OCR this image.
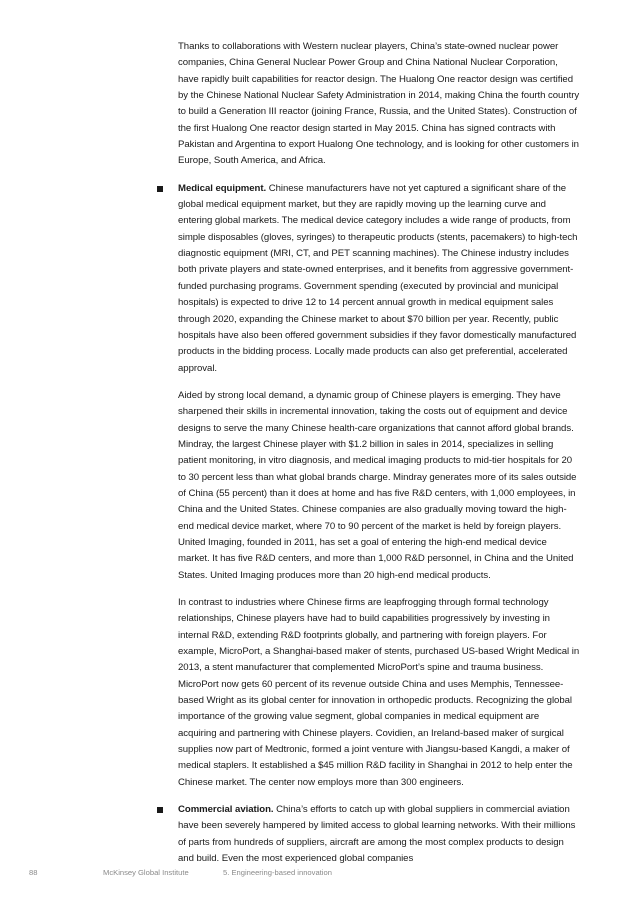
Thanks to collaborations with Western nuclear players, China’s state-owned nuclear power companies, China General Nuclear Power Group and China National Nuclear Corporation, have rapidly built capabilities for reactor design. The Hualong One reactor design was certified by the Chinese National Nuclear Safety Administration in 2014, making China the fourth country to build a Generation III reactor (joining France, Russia, and the United States). Construction of the first Hualong One reactor design started in May 2015. China has signed contracts with Pakistan and Argentina to export Hualong One technology, and is looking for other customers in Europe, South America, and Africa.

Medical equipment. Chinese manufacturers have not yet captured a significant share of the global medical equipment market, but they are rapidly moving up the learning curve and entering global markets. The medical device category includes a wide range of products, from simple disposables (gloves, syringes) to therapeutic products (stents, pacemakers) to high-tech diagnostic equipment (MRI, CT, and PET scanning machines). The Chinese industry includes both private players and state-owned enterprises, and it benefits from aggressive government-funded purchasing programs. Government spending (executed by provincial and municipal hospitals) is expected to drive 12 to 14 percent annual growth in medical equipment sales through 2020, expanding the Chinese market to about $70 billion per year. Recently, public hospitals have also been offered government subsidies if they favor domestically manufactured products in the bidding process. Locally made products can also get preferential, accelerated approval.

Aided by strong local demand, a dynamic group of Chinese players is emerging. They have sharpened their skills in incremental innovation, taking the costs out of equipment and device designs to serve the many Chinese health-care organizations that cannot afford global brands. Mindray, the largest Chinese player with $1.2 billion in sales in 2014, specializes in selling patient monitoring, in vitro diagnosis, and medical imaging products to mid-tier hospitals for 20 to 30 percent less than what global brands charge. Mindray generates more of its sales outside of China (55 percent) than it does at home and has five R&D centers, with 1,000 employees, in China and the United States. Chinese companies are also gradually moving toward the high-end medical device market, where 70 to 90 percent of the market is held by foreign players. United Imaging, founded in 2011, has set a goal of entering the high-end medical device market. It has five R&D centers, and more than 1,000 R&D personnel, in China and the United States. United Imaging produces more than 20 high-end medical products.

In contrast to industries where Chinese firms are leapfrogging through formal technology relationships, Chinese players have had to build capabilities progressively by investing in internal R&D, extending R&D footprints globally, and partnering with foreign players. For example, MicroPort, a Shanghai-based maker of stents, purchased US-based Wright Medical in 2013, a stent manufacturer that complemented MicroPort’s spine and trauma business. MicroPort now gets 60 percent of its revenue outside China and uses Memphis, Tennessee-based Wright as its global center for innovation in orthopedic products. Recognizing the global importance of the growing value segment, global companies in medical equipment are acquiring and partnering with Chinese players. Covidien, an Ireland-based maker of surgical supplies now part of Medtronic, formed a joint venture with Jiangsu-based Kangdi, a maker of medical staplers. It established a $45 million R&D facility in Shanghai in 2012 to help enter the Chinese market. The center now employs more than 300 engineers.

Commercial aviation. China’s efforts to catch up with global suppliers in commercial aviation have been severely hampered by limited access to global learning networks. With their millions of parts from hundreds of suppliers, aircraft are among the most complex products to design and build. Even the most experienced global companies

88	McKinsey Global Institute	5. Engineering-based innovation
